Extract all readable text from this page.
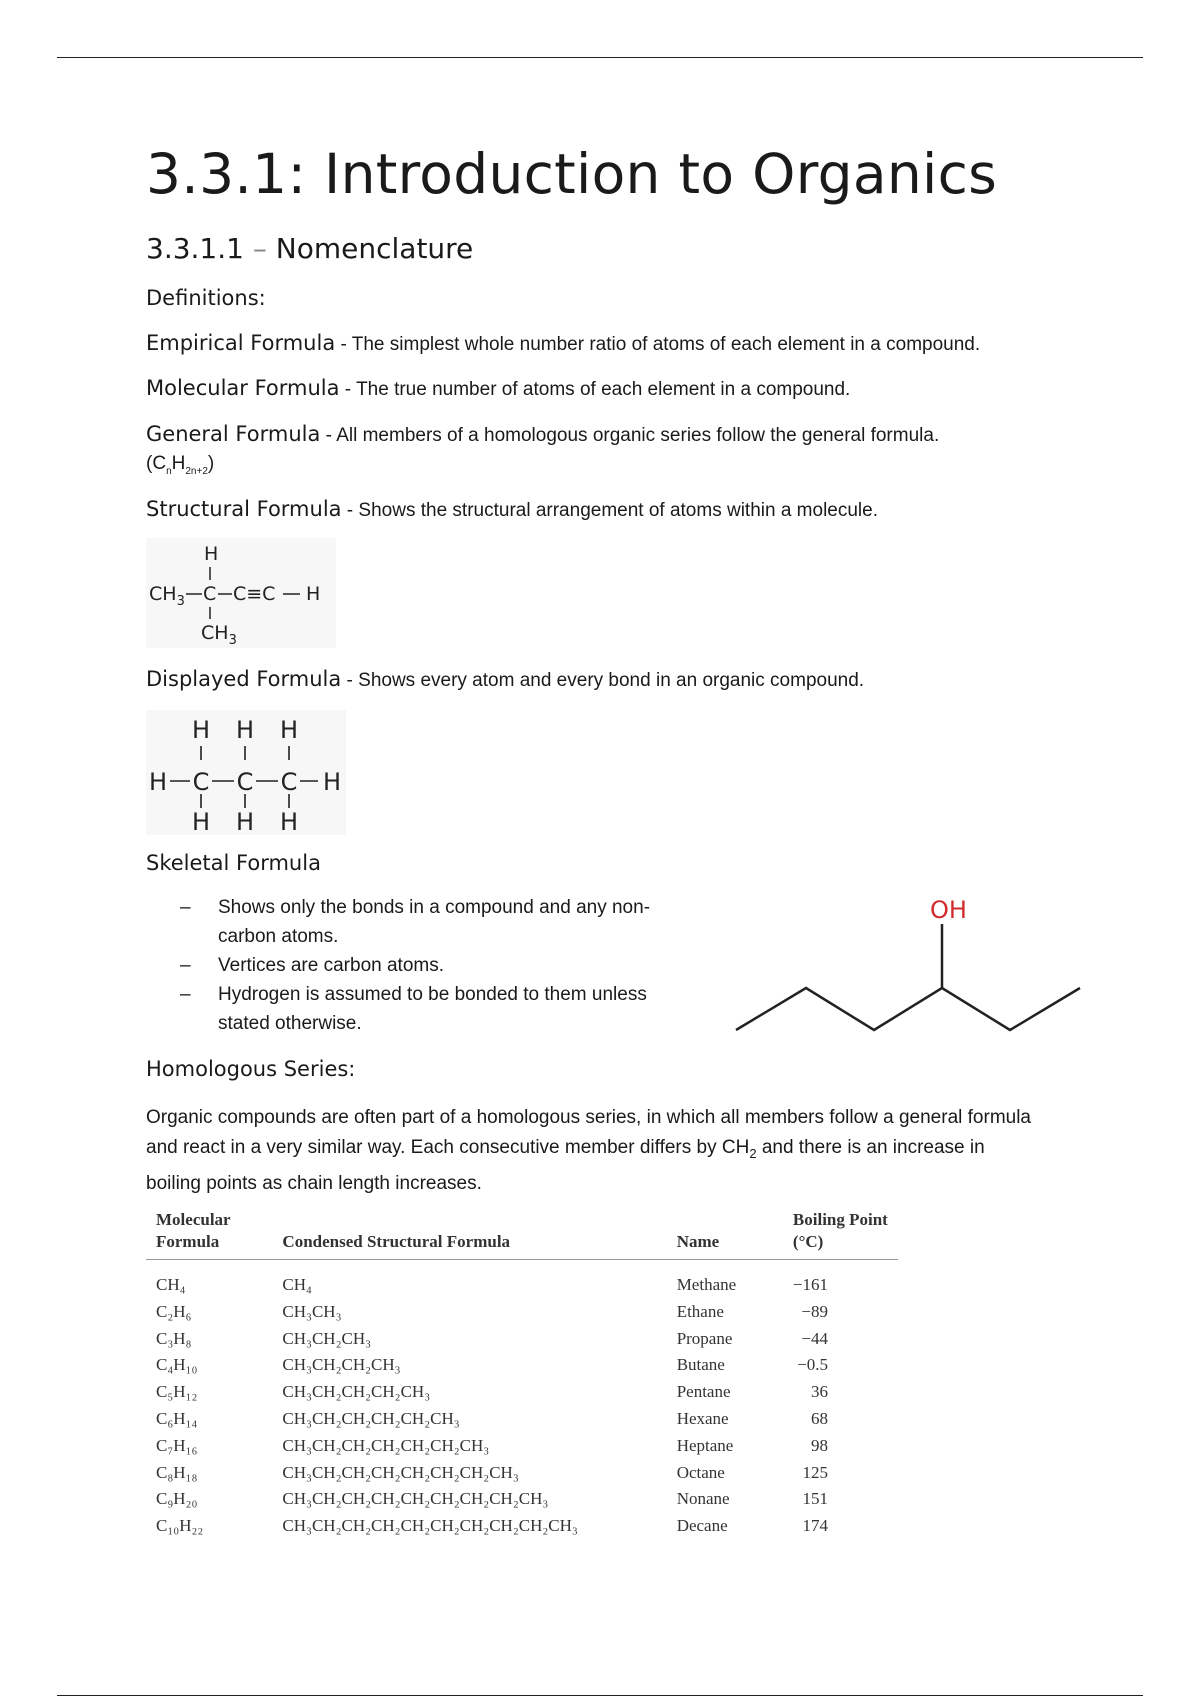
3.3.1: Introduction to Organics
3.3.1.1 – Nomenclature
Definitions:
Empirical Formula - The simplest whole number ratio of atoms of each element in a compound.
Molecular Formula - The true number of atoms of each element in a compound.
General Formula - All members of a homologous organic series follow the general formula.
$(C_nH_{2n+2})$
Structural Formula - Shows the structural arrangement of atoms within a molecule.
H
$CH_3$ C C≡C H
$CH_3$
Displayed Formula - Shows every atom and every bond in an organic compound.
H
H
C
H
H
C
H
H
C
H
H
Skeletal Formula
– Shows only the bonds in a compound and any non-carbon atoms.
– Vertices are carbon atoms.
– Hydrogen is assumed to be bonded to them unless stated otherwise.
OH
Homologous Series:
Organic compounds are often part of a homologous series, in which all members follow a general formula and react in a very similar way. Each consecutive member differs by $CH_2$ and there is an increase in boiling points as chain length increases.
Molecular Formula	Condensed Structural Formula	Name	Boiling Point (°C)
CH₄	CH₄	Methane	−161
C₂H₆	CH₃CH₃	Ethane	−89
C₃H₈	CH₃CH₂CH₃	Propane	−44
C₄H₁₀	CH₃CH₂CH₂CH₃	Butane	−0.5
C₅H₁₂	CH₃CH₂CH₂CH₂CH₃	Pentane	36
C₆H₁₄	CH₃CH₂CH₂CH₂CH₂CH₃	Hexane	68
C₇H₁₆	CH₃CH₂CH₂CH₂CH₂CH₂CH₃	Heptane	98
C₈H₁₈	CH₃CH₂CH₂CH₂CH₂CH₂CH₂CH₃	Octane	125
C₉H₂₀	CH₃CH₂CH₂CH₂CH₂CH₂CH₂CH₂CH₃	Nonane	151
C₁₀H₂₂	CH₃CH₂CH₂CH₂CH₂CH₂CH₂CH₂CH₂CH₃	Decane	174
